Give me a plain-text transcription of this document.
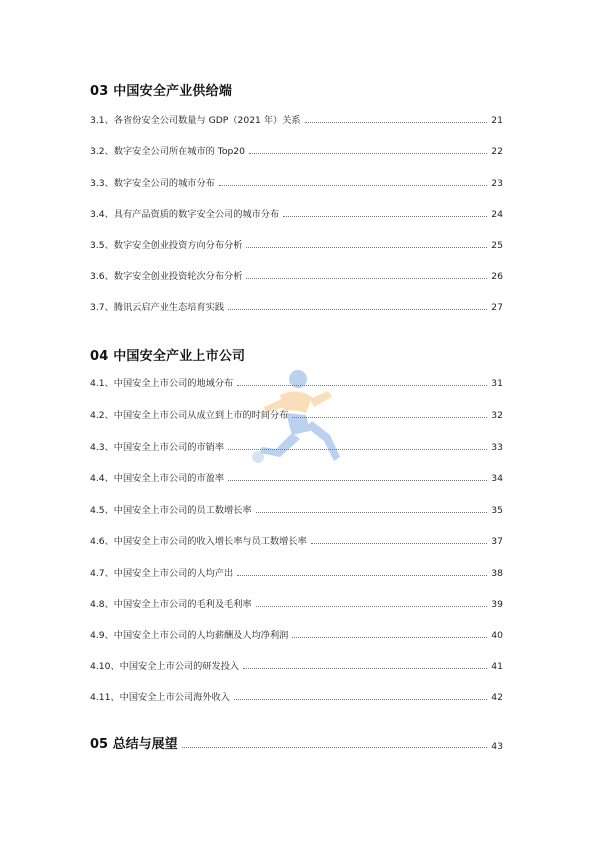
03 中国安全产业供给端
3.1、各省份安全公司数量与 GDP（2021 年）关系	21
3.2、数字安全公司所在城市的 Top20	22
3.3、数字安全公司的城市分布	23
3.4、具有产品资质的数字安全公司的城市分布	24
3.5、数字安全创业投资方向分布分析	25
3.6、数字安全创业投资轮次分布分析	26
3.7、腾讯云启产业生态培育实践	27
04 中国安全产业上市公司
4.1、中国安全上市公司的地域分布	31
4.2、中国安全上市公司从成立到上市的时间分布	32
4.3、中国安全上市公司的市销率	33
4.4、中国安全上市公司的市盈率	34
4.5、中国安全上市公司的员工数增长率	35
4.6、中国安全上市公司的收入增长率与员工数增长率	37
4.7、中国安全上市公司的人均产出	38
4.8、中国安全上市公司的毛利及毛利率	39
4.9、中国安全上市公司的人均薪酬及人均净利润	40
4.10、中国安全上市公司的研发投入	41
4.11、中国安全上市公司海外收入	42
05 总结与展望	43
